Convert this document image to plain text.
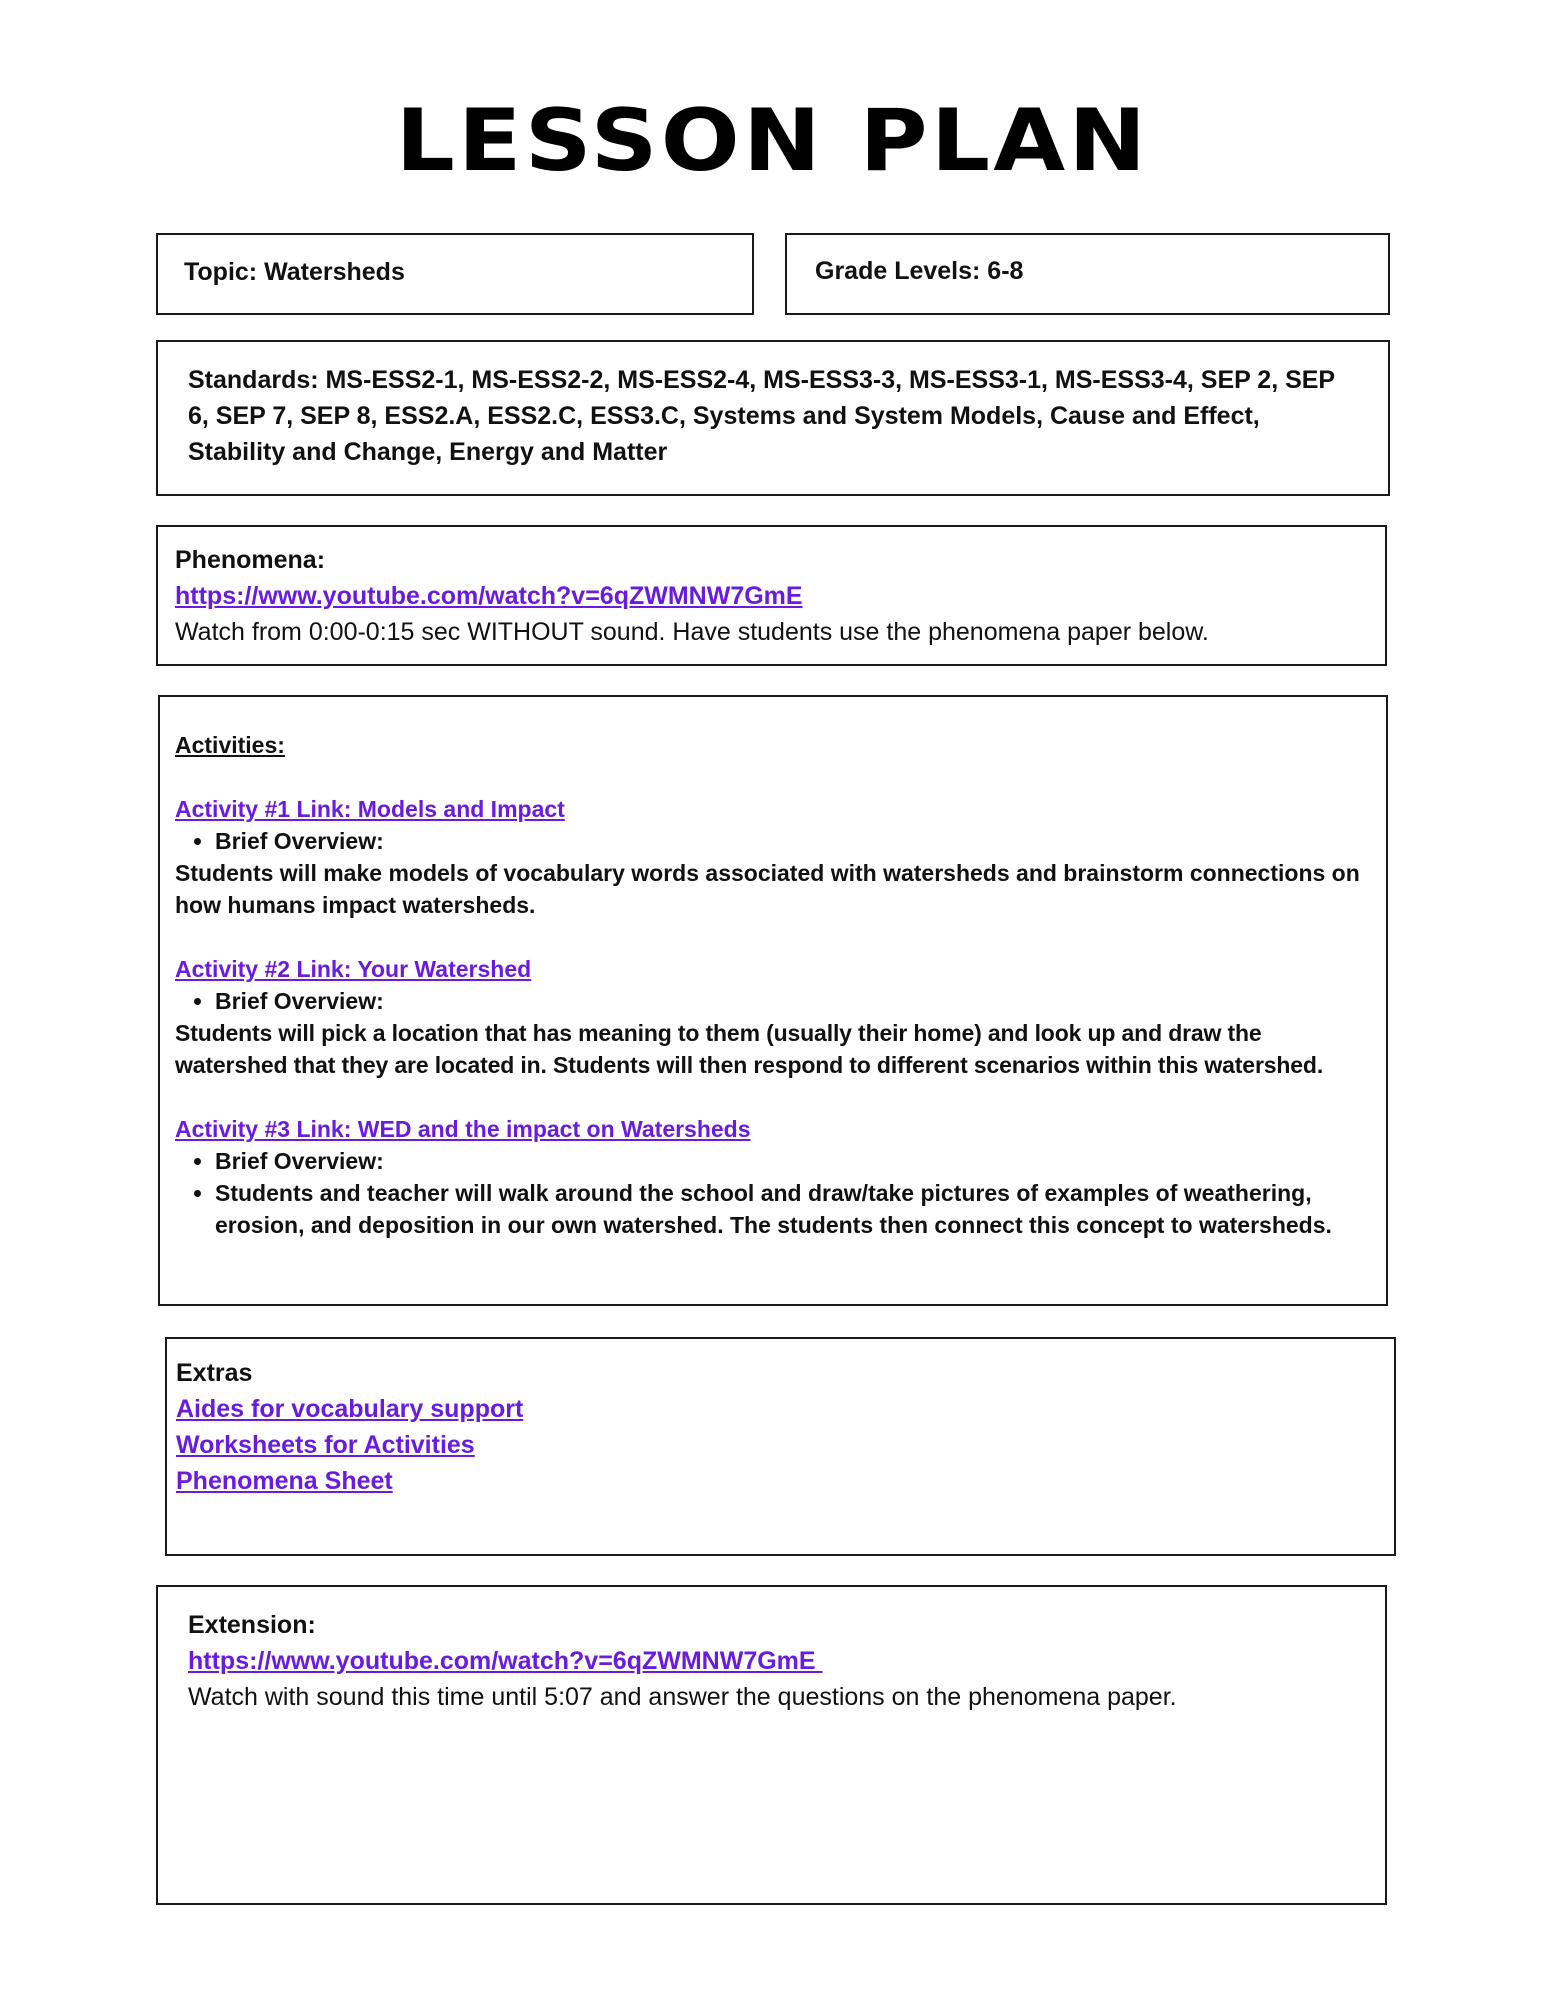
LESSON PLAN
Topic: Watersheds	Grade Levels: 6-8
Standards: MS-ESS2-1, MS-ESS2-2, MS-ESS2-4, MS-ESS3-3, MS-ESS3-1, MS-ESS3-4, SEP 2, SEP 6, SEP 7, SEP 8, ESS2.A, ESS2.C, ESS3.C, Systems and System Models, Cause and Effect, Stability and Change, Energy and Matter
Phenomena:
https://www.youtube.com/watch?v=6qZWMNW7GmE
Watch from 0:00-0:15 sec WITHOUT sound. Have students use the phenomena paper below.
Activities:
Activity #1 Link: Models and Impact
• Brief Overview:
Students will make models of vocabulary words associated with watersheds and brainstorm connections on how humans impact watersheds.
Activity #2 Link: Your Watershed
• Brief Overview:
Students will pick a location that has meaning to them (usually their home) and look up and draw the watershed that they are located in. Students will then respond to different scenarios within this watershed.
Activity #3 Link: WED and the impact on Watersheds
• Brief Overview:
• Students and teacher will walk around the school and draw/take pictures of examples of weathering, erosion, and deposition in our own watershed. The students then connect this concept to watersheds.
Extras
Aides for vocabulary support
Worksheets for Activities
Phenomena Sheet
Extension:
https://www.youtube.com/watch?v=6qZWMNW7GmE
Watch with sound this time until 5:07 and answer the questions on the phenomena paper.
